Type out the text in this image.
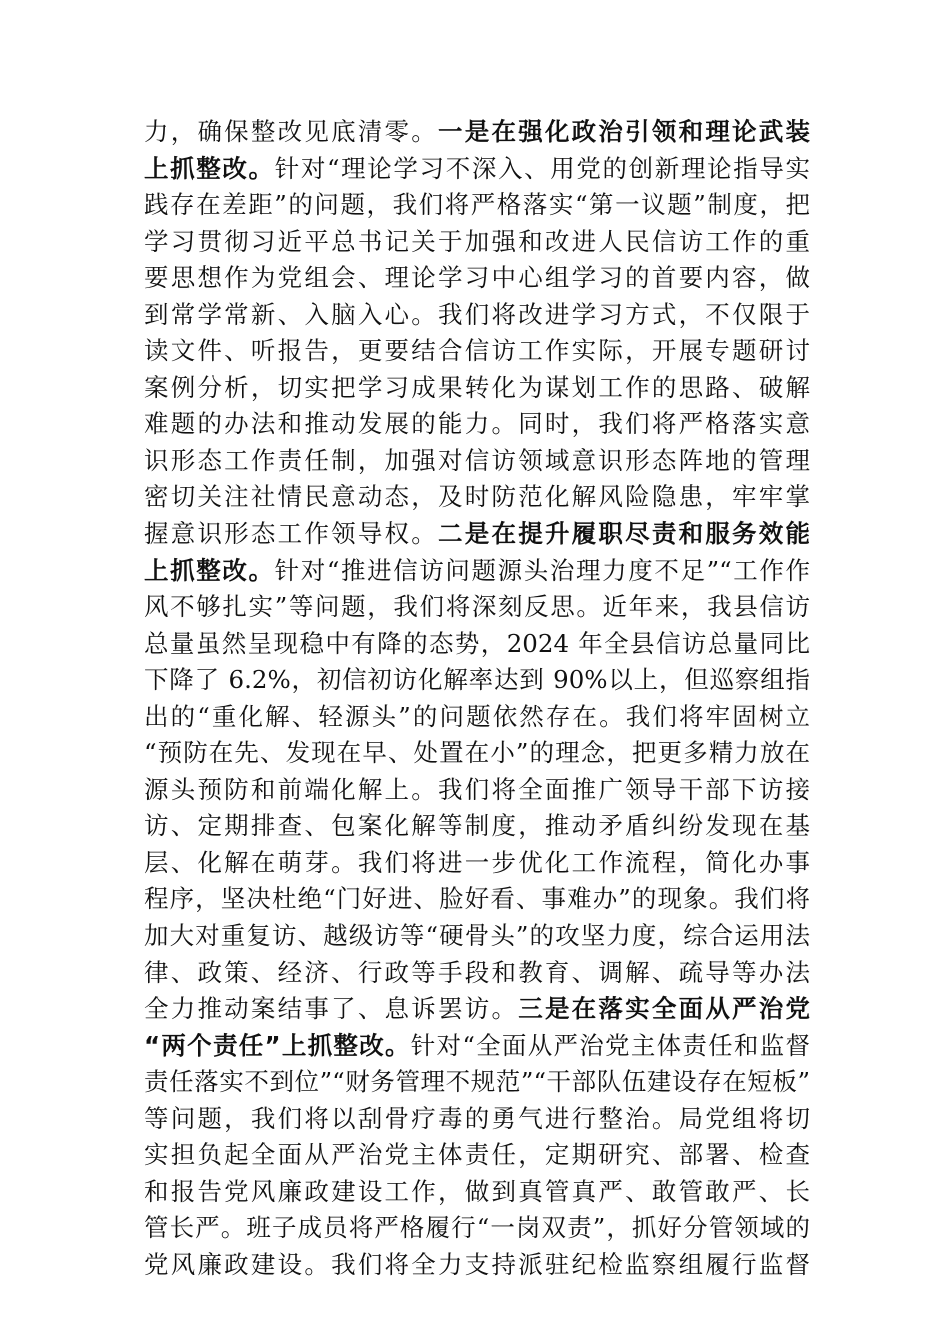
力，确保整改见底清零。一是在强化政治引领和理论武装
上抓整改。针对“理论学习不深入、用党的创新理论指导实
践存在差距”的问题，我们将严格落实“第一议题”制度，把
学习贯彻习近平总书记关于加强和改进人民信访工作的重
要思想作为党组会、理论学习中心组学习的首要内容，做
到常学常新、入脑入心。我们将改进学习方式，不仅限于
读文件、听报告，更要结合信访工作实际，开展专题研讨
案例分析，切实把学习成果转化为谋划工作的思路、破解
难题的办法和推动发展的能力。同时，我们将严格落实意
识形态工作责任制，加强对信访领域意识形态阵地的管理
密切关注社情民意动态，及时防范化解风险隐患，牢牢掌
握意识形态工作领导权。二是在提升履职尽责和服务效能
上抓整改。针对“推进信访问题源头治理力度不足”“工作作
风不够扎实”等问题，我们将深刻反思。近年来，我县信访
总量虽然呈现稳中有降的态势，2024 年全县信访总量同比
下降了 6.2%，初信初访化解率达到 90%以上，但巡察组指
出的“重化解、轻源头”的问题依然存在。我们将牢固树立
“预防在先、发现在早、处置在小”的理念，把更多精力放在
源头预防和前端化解上。我们将全面推广领导干部下访接
访、定期排查、包案化解等制度，推动矛盾纠纷发现在基
层、化解在萌芽。我们将进一步优化工作流程，简化办事
程序，坚决杜绝“门好进、脸好看、事难办”的现象。我们将
加大对重复访、越级访等“硬骨头”的攻坚力度，综合运用法
律、政策、经济、行政等手段和教育、调解、疏导等办法
全力推动案结事了、息诉罢访。三是在落实全面从严治党
“两个责任”上抓整改。针对“全面从严治党主体责任和监督
责任落实不到位”“财务管理不规范”“干部队伍建设存在短板”
等问题，我们将以刮骨疗毒的勇气进行整治。局党组将切
实担负起全面从严治党主体责任，定期研究、部署、检查
和报告党风廉政建设工作，做到真管真严、敢管敢严、长
管长严。班子成员将严格履行“一岗双责”，抓好分管领域的
党风廉政建设。我们将全力支持派驻纪检监察组履行监督
